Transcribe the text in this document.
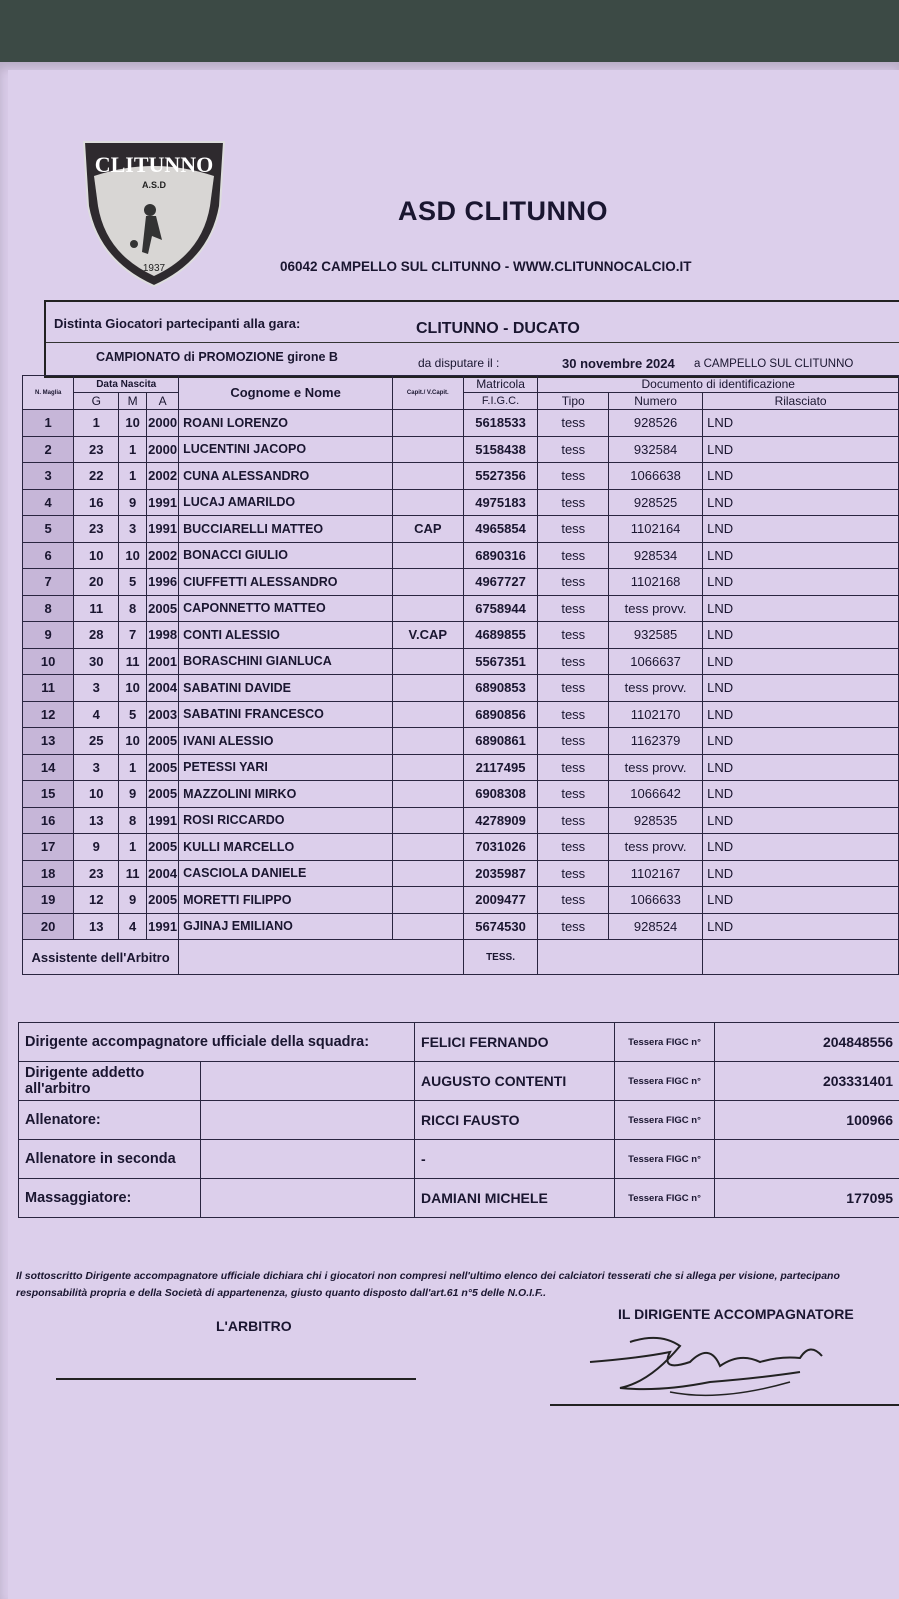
CLITUNNO
A.S.D
1937
ASD CLITUNNO
06042 CAMPELLO SUL CLITUNNO - WWW.CLITUNNOCALCIO.IT
Distinta Giocatori partecipanti alla gara:	CLITUNNO - DUCATO
CAMPIONATO di PROMOZIONE girone B	da disputare il :	30 novembre 2024 a CAMPELLO SUL CLITUNNO
N. Maglia	Data Nascita			Cognome e Nome	Capit./ V.Capit.	Matricola	Documento di identificazione		
	G	M	A			F.I.G.C.	Tipo	Numero	Rilasciato
1	1	10	2000	ROANI LORENZO		5618533	tess	928526	LND
2	23	1	2000	LUCENTINI JACOPO		5158438	tess	932584	LND
3	22	1	2002	CUNA ALESSANDRO		5527356	tess	1066638	LND
4	16	9	1991	LUCAJ AMARILDO		4975183	tess	928525	LND
5	23	3	1991	BUCCIARELLI MATTEO	CAP	4965854	tess	1102164	LND
6	10	10	2002	BONACCI GIULIO		6890316	tess	928534	LND
7	20	5	1996	CIUFFETTI ALESSANDRO		4967727	tess	1102168	LND
8	11	8	2005	CAPONNETTO MATTEO		6758944	tess	tess provv.	LND
9	28	7	1998	CONTI ALESSIO	V.CAP	4689855	tess	932585	LND
10	30	11	2001	BORASCHINI GIANLUCA		5567351	tess	1066637	LND
11	3	10	2004	SABATINI DAVIDE		6890853	tess	tess provv.	LND
12	4	5	2003	SABATINI FRANCESCO		6890856	tess	1102170	LND
13	25	10	2005	IVANI ALESSIO		6890861	tess	1162379	LND
14	3	1	2005	PETESSI YARI		2117495	tess	tess provv.	LND
15	10	9	2005	MAZZOLINI MIRKO		6908308	tess	1066642	LND
16	13	8	1991	ROSI RICCARDO		4278909	tess	928535	LND
17	9	1	2005	KULLI MARCELLO		7031026	tess	tess provv.	LND
18	23	11	2004	CASCIOLA DANIELE		2035987	tess	1102167	LND
19	12	9	2005	MORETTI FILIPPO		2009477	tess	1066633	LND
20	13	4	1991	GJINAJ EMILIANO		5674530	tess	928524	LND
Assistente dell'Arbitro						TESS.			
Dirigente accompagnatore ufficiale della squadra:		FELICI FERNANDO	Tessera FIGC n°	204848556
Dirigente addetto all'arbitro		AUGUSTO CONTENTI	Tessera FIGC n°	203331401
Allenatore:		RICCI FAUSTO	Tessera FIGC n°	100966
Allenatore in seconda		-	Tessera FIGC n°	
Massaggiatore:		DAMIANI MICHELE	Tessera FIGC n°	177095
Il sottoscritto Dirigente accompagnatore ufficiale dichiara chi i giocatori non compresi nell'ultimo elenco dei calciatori tesserati che si allega per visione, partecipano responsabilità propria e della Società di appartenenza, giusto quanto disposto dall'art.61 n°5 delle N.O.I.F..
L'ARBITRO
IL DIRIGENTE ACCOMPAGNATORE
